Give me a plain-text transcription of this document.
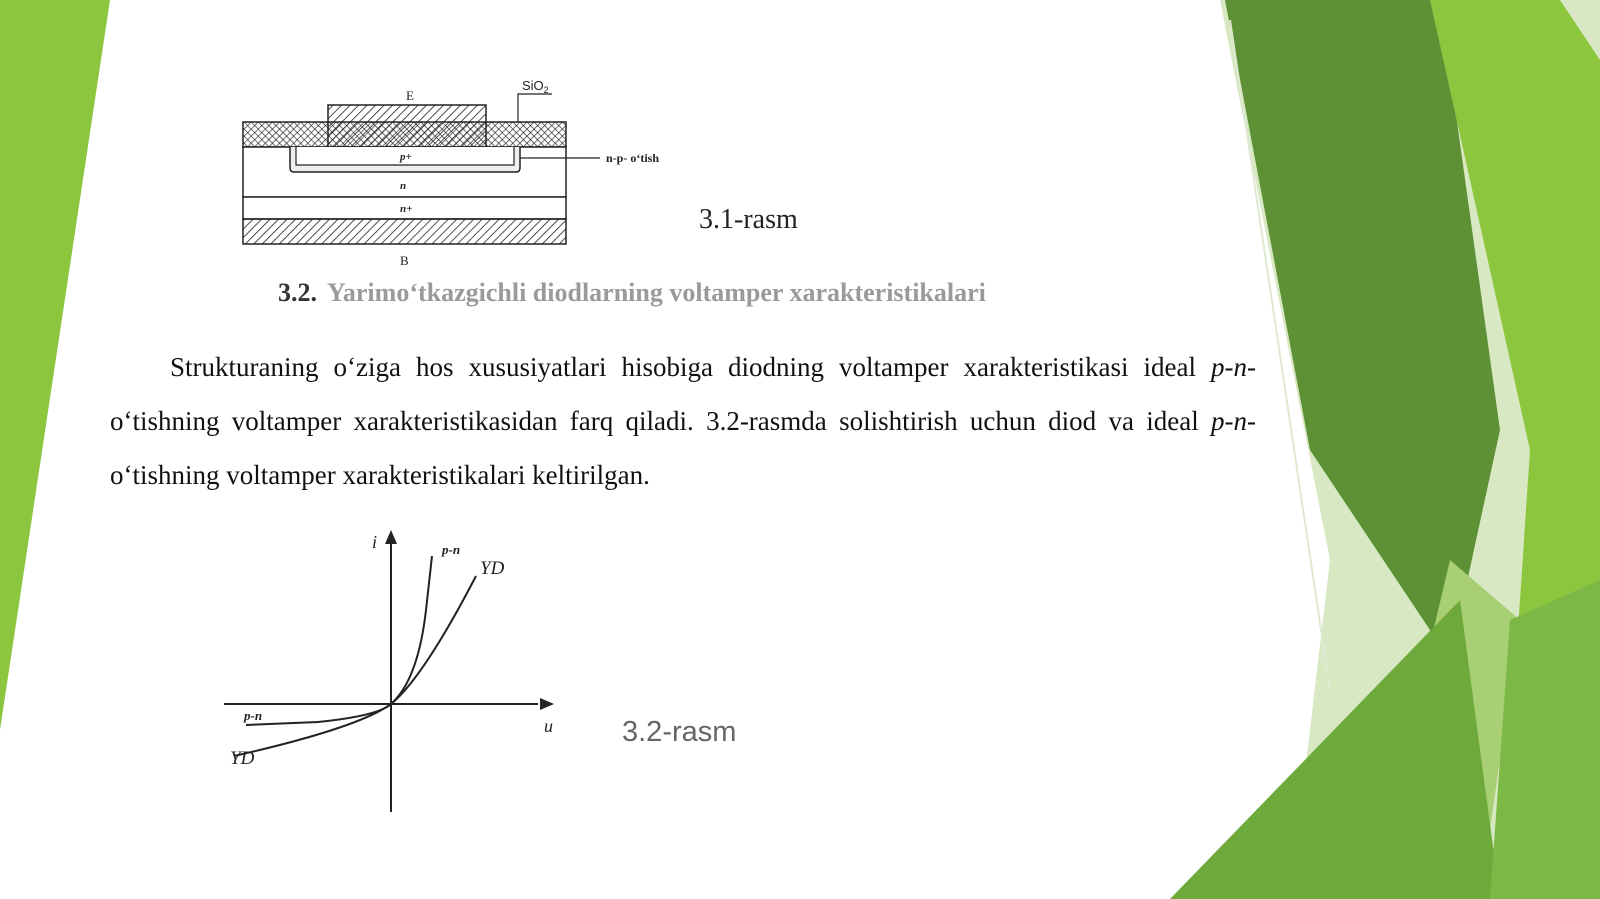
E
SiO$_2$
p+
n
n+
B
n-p- o‘tish
3.1-rasm
3.2. Yarimo‘tkazgichli diodlarning voltamper xarakteristikalari
Strukturaning o‘ziga hos xususiyatlari hisobiga diodning voltamper xarakteristikasi ideal p-n-o‘tishning voltamper xarakteristikasidan farq qiladi. 3.2-rasmda solishtirish uchun diod va ideal p-n-o‘tishning voltamper xarakteristikalari keltirilgan.
i
u
p-n
YD
p-n
YD
3.2-rasm
